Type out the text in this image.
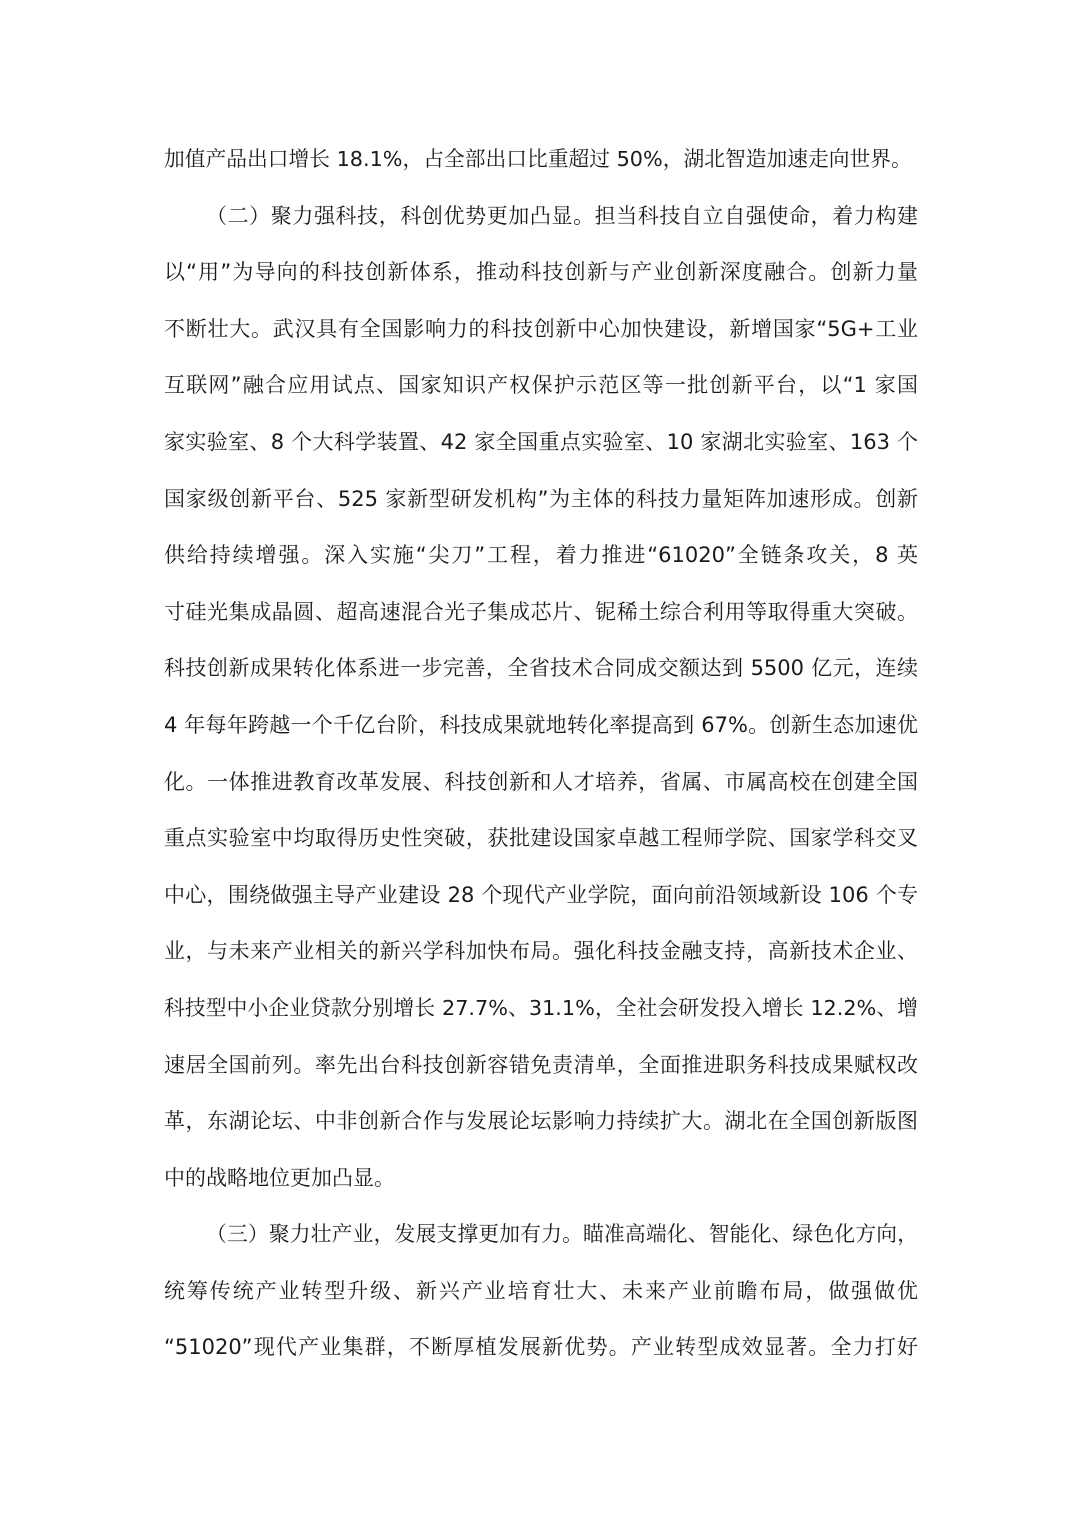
加值产品出口增长 18.1%，占全部出口比重超过 50%，湖北智造加速走向世界。
（二）聚力强科技，科创优势更加凸显。担当科技自立自强使命，着力构建
以“用”为导向的科技创新体系，推动科技创新与产业创新深度融合。创新力量
不断壮大。武汉具有全国影响力的科技创新中心加快建设，新增国家“5G+工业
互联网”融合应用试点、国家知识产权保护示范区等一批创新平台，以“1 家国
家实验室、8 个大科学装置、42 家全国重点实验室、10 家湖北实验室、163 个
国家级创新平台、525 家新型研发机构”为主体的科技力量矩阵加速形成。创新
供给持续增强。深入实施“尖刀”工程，着力推进“61020”全链条攻关，8 英
寸硅光集成晶圆、超高速混合光子集成芯片、铌稀土综合利用等取得重大突破。
科技创新成果转化体系进一步完善，全省技术合同成交额达到 5500 亿元，连续
4 年每年跨越一个千亿台阶，科技成果就地转化率提高到 67%。创新生态加速优
化。一体推进教育改革发展、科技创新和人才培养，省属、市属高校在创建全国
重点实验室中均取得历史性突破，获批建设国家卓越工程师学院、国家学科交叉
中心，围绕做强主导产业建设 28 个现代产业学院，面向前沿领域新设 106 个专
业，与未来产业相关的新兴学科加快布局。强化科技金融支持，高新技术企业、
科技型中小企业贷款分别增长 27.7%、31.1%，全社会研发投入增长 12.2%、增
速居全国前列。率先出台科技创新容错免责清单，全面推进职务科技成果赋权改
革，东湖论坛、中非创新合作与发展论坛影响力持续扩大。湖北在全国创新版图
中的战略地位更加凸显。
（三）聚力壮产业，发展支撑更加有力。瞄准高端化、智能化、绿色化方向，
统筹传统产业转型升级、新兴产业培育壮大、未来产业前瞻布局，做强做优
“51020”现代产业集群，不断厚植发展新优势。产业转型成效显著。全力打好
